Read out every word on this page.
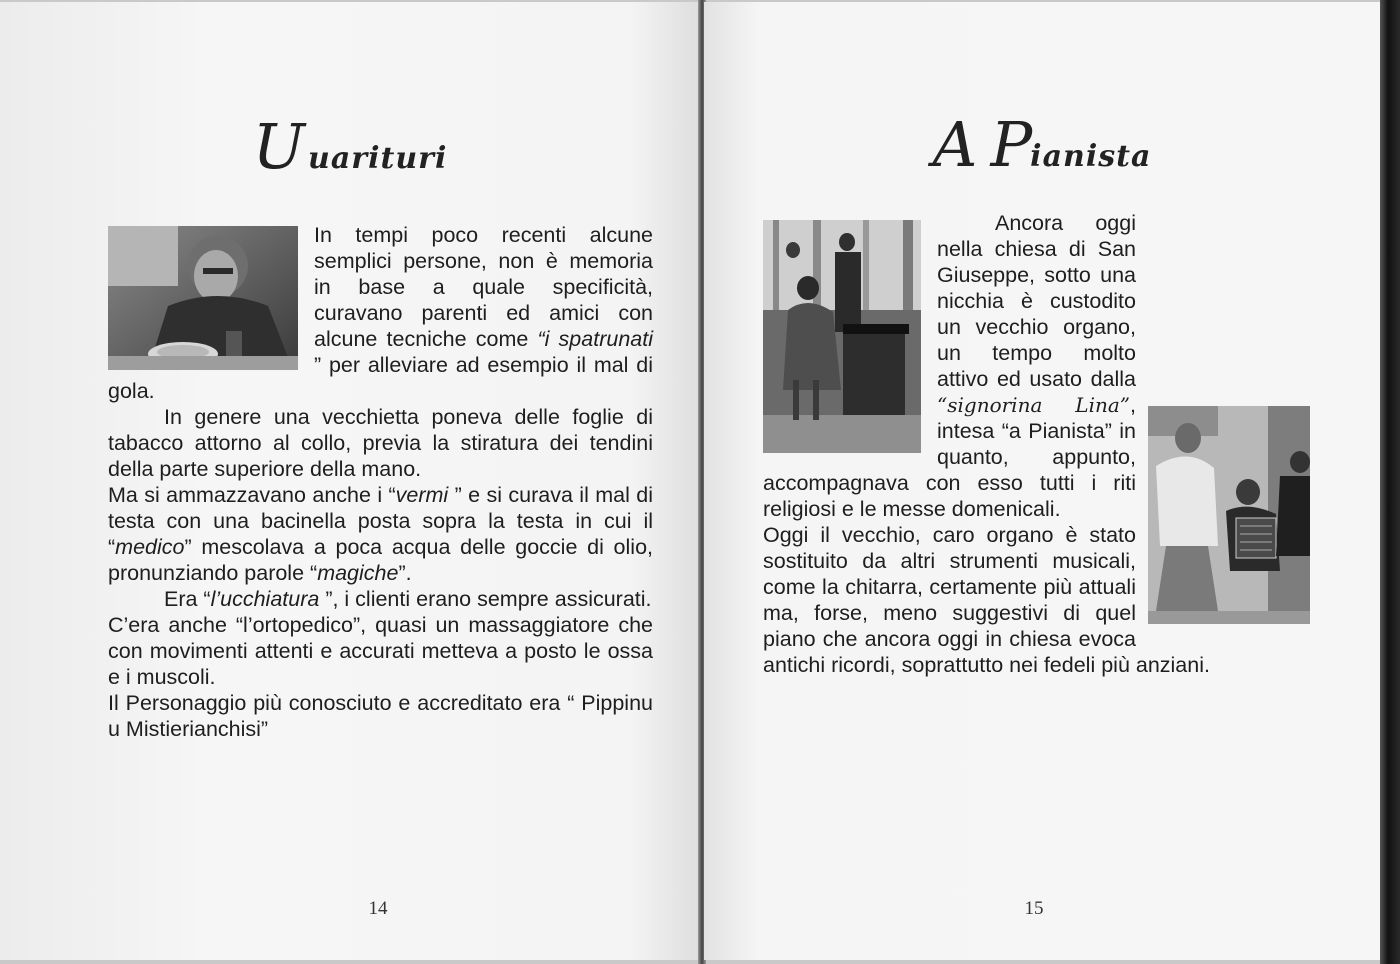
U uarituri
14

In tempi poco recenti alcune semplici persone, non è memoria in base a quale specificità, curavano parenti ed amici con alcune tecniche come “i spatrunati ” per alleviare ad esempio il mal di gola.

In genere una vecchietta poneva delle foglie di tabacco attorno al collo, previa la stiratura dei tendini della parte superiore della mano.

Ma si ammazzavano anche i “vermi ” e si curava il mal di testa con una bacinella posta sopra la testa in cui il “medico” mescolava a poca acqua delle goccie di olio, pronunziando parole “magiche”.

Era “l’ucchiatura ”, i clienti erano sempre assicurati.

C’era anche “l’ortopedico”, quasi un massaggiatore che con movimenti attenti e accurati metteva a posto le ossa e i muscoli.

Il Personaggio più conosciuto e accreditato era “ Pippinu u Mistierianchisi”

A Pianista
15

Ancora oggi nella chiesa di San Giuseppe, sotto una nicchia è custodito un vecchio organo, un tempo molto attivo ed usato dalla “signorina Lina”, intesa “a Pianista” in quanto, appunto, accompagnava con esso tutti i riti religiosi e le messe domenicali.

Oggi il vecchio, caro organo è stato sostituito da altri strumenti musicali, come la chitarra, certamente più attuali ma, forse, meno suggestivi di quel piano che ancora oggi in chiesa evoca antichi ricordi, soprattutto nei fedeli più anziani.
